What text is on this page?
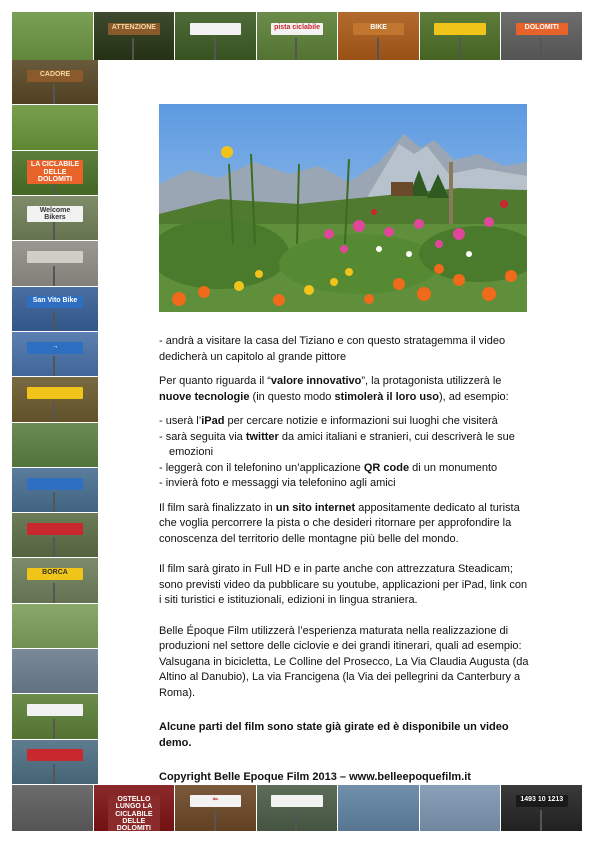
ATTENZIONE	pista ciclabile	BIKE	DOLOMITI
CADORE
LA CICLABILE DELLE DOLOMITI
Welcome Bikers
San Vito Bike
→
BORCA
OSTELLO LUNGO LA CICLABILE DELLE DOLOMITI
⇐	1493 10 1213

- andrà a visitare la casa del Tiziano e con questo stratagemma il video dedicherà un capitolo al grande pittore

Per quanto riguarda il “valore innovativo”, la protagonista utilizzerà le nuove tecnologie (in questo modo stimolerà il loro uso), ad esempio:

- userà l’iPad per cercare notizie e informazioni sui luoghi che visiterà
- sarà seguita via twitter da amici italiani e stranieri, cui descriverà le sue emozioni
- leggerà con il telefonino un’applicazione QR code di un monumento
- invierà foto e messaggi via telefonino agli amici

Il film sarà finalizzato in un sito internet appositamente dedicato al turista che voglia percorrere la pista o che desideri ritornare per approfondire la conoscenza del territorio delle montagne più belle del mondo.

Il film sarà girato in Full HD e in parte anche con attrezzatura Steadicam; sono previsti video da pubblicare su youtube, applicazioni per iPad, link con i siti turistici e istituzionali, edizioni in lingua straniera.

Belle Époque Film utilizzerà l’esperienza maturata nella realizzazione di produzioni nel settore delle ciclovie e dei grandi itinerari, quali ad esempio: Valsugana in bicicletta, Le Colline del Prosecco, La Via Claudia Augusta (da Altino al Danubio), La via Francigena (la Via dei pellegrini da Canterbury a Roma).

Alcune parti del film sono state già girate ed è disponibile un video demo.

Copyright Belle Epoque Film 2013 – www.belleepoquefilm.it
